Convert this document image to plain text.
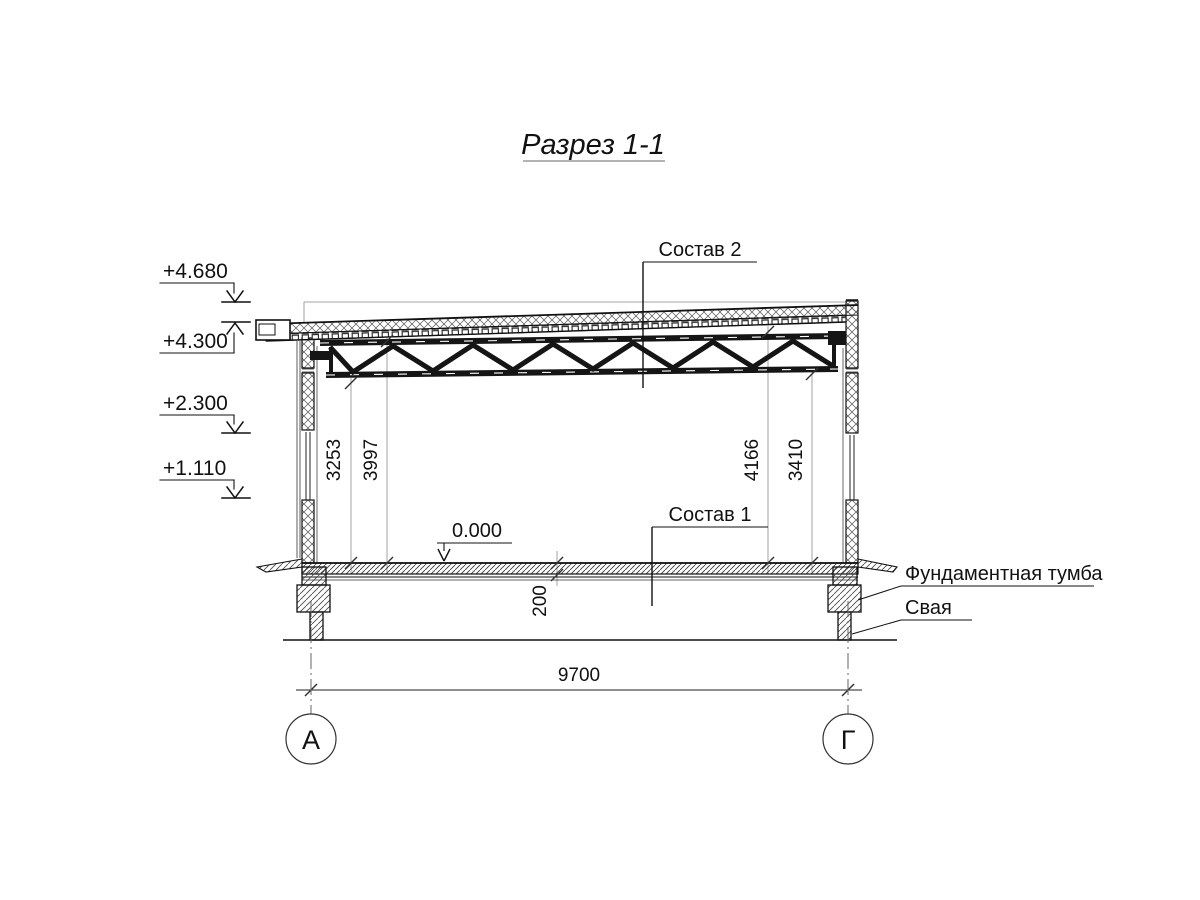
Разрез 1-1
3253 3997	4166 3410
200
9700
А	Г
+4.680
+4.300
+2.300
+1.110
Состав 2
Состав 1
0.000
Фундаментная тумба
Свая
